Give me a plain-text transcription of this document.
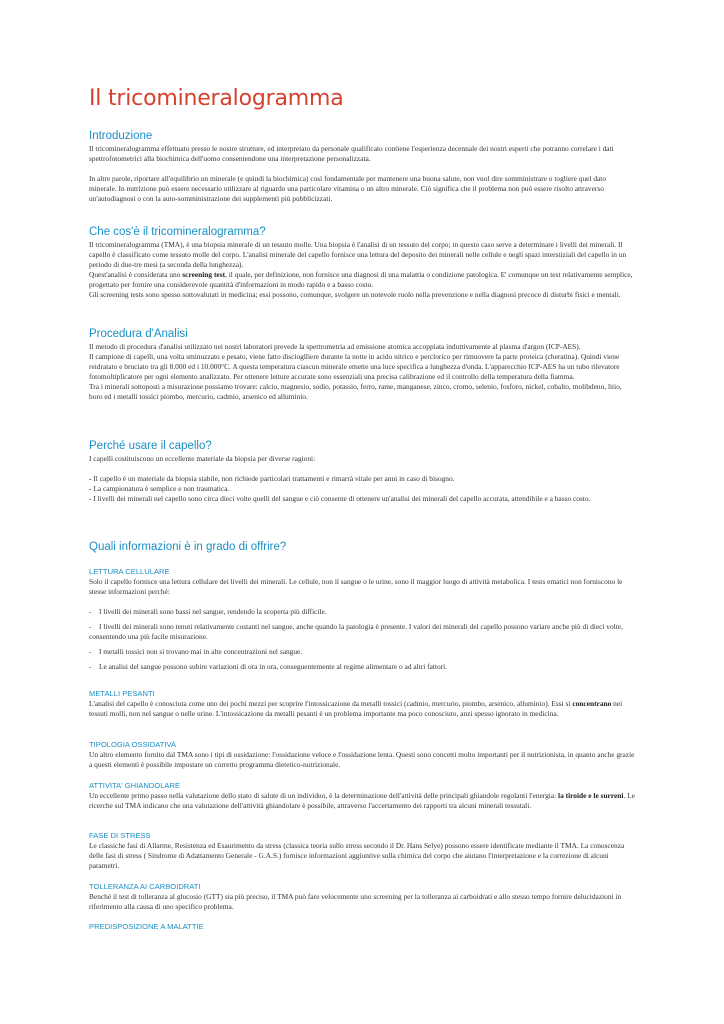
Il tricomineralogramma
Introduzione

Il tricomineralogramma effettuato presso le nostre strutture, ed interpretato da personale qualificato contiene l'esperienza decennale dei nostri esperti che potranno correlare i dati spettrofotometrici alla biochimica dell'uomo consentendone una interpretazione personalizzata.

In altre parole, riportare all'equilibrio un minerale (e quindi la biochimica) così fondamentale per mantenere una buona salute, non vuol dire somministrare o togliere quel dato minerale. In nutrizione può essere necessario utilizzare al riguardo una particolare vitamina o un altro minerale. Ciò significa che il problema non può essere risolto attraverso un'autodiagnosi o con la auto-somministrazione dei supplementi più pubblicizzati.

Che cos'è il tricomineralogramma?

Il tricomineralogramma (TMA), è una biopsia minerale di un tessuto molle. Una biopsia è l'analisi di un tessuto del corpo; in questo caso serve a determinare i livelli dei minerali. Il capello è classificato come tessuto molle del corpo. L'analisi minerale del capello fornisce una lettura del deposito dei minerali nelle cellule e negli spazi interstiziali del capello in un periodo di due-tre mesi (a seconda della lunghezza).

Quest'analisi è considerata uno screening test, il quale, per definizione, non fornisce una diagnosi di una malattia o condizione patologica. E' comunque un test relativamente semplice, progettato per fornire una considerevole quantità d'informazioni in modo rapido e a basso costo.

Gli screening tests sono spesso sottovalutati in medicina; essi possono, comunque, svolgere un notevole ruolo nella prevenzione e nella diagnosi precoce di disturbi fisici e mentali.

Procedura d'Analisi

Il metodo di procedura d'analisi utilizzato nei nostri laboratori prevede la spettrometria ad emissione atomica accoppiata induttivamente al plasma d'argon (ICP-AES).

Il campione di capelli, una volta sminuzzato e pesato, viene fatto discioglliere durante la notte in acido nitrico e perclorico per rimuovere la parte proteica (cheratina). Quindi viene reidratato e bruciato tra gli 8.000 ed i 10.000°C. A questa temperatura ciascun minerale emette una luce specifica a lunghezza d'onda. L'apparecchio ICP-AES ha un tubo rilevatore fotomoltiplicatore per ogni elemento analizzato. Per ottenere letture accurate sono essenziali una precisa calibrazione ed il controllo della temperatura della fiamma.

Tra i minerali sottoposti a misurazione possiamo trovare: calcio, magnesio, sodio, potassio, ferro, rame, manganese, zinco, cromo, selenio, fosforo, nickel, cobalto, molibdeno, litio, boro ed i metalli tossici piombo, mercurio, cadmio, arsenico ed alluminio.

Perché usare il capello?

I capelli costituiscono un eccellente materiale da biopsia per diverse ragioni:

- Il capello è un materiale da biopsia stabile, non richiede particolari trattamenti e rimarrà vitale per anni in caso di bisogno.

- La campionatura è semplice e non traumatica.

- I livelli dei minerali nel capello sono circa dieci volte quelli del sangue e ciò consente di ottenere un'analisi dei minerali del capello accurata, attendibile e a basso costo.

Quali informazioni è in grado di offrire?
LETTURA CELLULARE

Solo il capello fornisce una lettura cellulare dei livelli dei minerali. Le cellule, non il sangue o le urine, sono il maggior luogo di attività metabolica. I tests ematici non forniscono le stesse informazioni perché:

- I livelli dei minerali sono bassi nel sangue, rendendo la scoperta più difficile.

- I livelli dei minerali sono tenuti relativamente costanti nel sangue, anche quando la patologia è presente. I valori dei minerali del capello possono variare anche più di dieci volte, consentendo una più facile misurazione.

- I metalli tossici non si trovano mai in alte concentrazioni nel sangue.

- Le analisi del sangue possono subire variazioni di ora in ora, conseguentemente al regime alimentare o ad altri fattori.

METALLI PESANTI

L'analisi del capello è conosciuta come uno dei pochi mezzi per scoprire l'intossicazione da metalli tossici (cadmio, mercurio, piombo, arsenico, alluminio). Essi si concentrano nei tessuti molli, non nel sangue o nelle urine. L'intossicazione da metalli pesanti è un problema importante ma poco conosciuto, anzi spesso ignorato in medicina.

TIPOLOGIA OSSIDATIVA

Un altro elemento fornito dal TMA sono i tipi di ossidazione: l'ossidazione veloce e l'ossidazione lenta. Questi sono concetti molto importanti per il nutrizionista, in quanto anche grazie a questi elementi è possibile impostare un corretto programma dietetico-nutrizionale.

ATTIVITA' GHIANDOLARE

Un eccellente primo passo nella valutazione dello stato di salute di un individuo, è la determinazione dell'attività delle principali ghiandole regolanti l'energia: la tiroide e le surreni. Le ricerche sul TMA indicano che una valutazione dell'attività ghiandolare è possibile, attraverso l'accertamento dei rapporti tra alcuni minerali tessutali.

FASE DI STRESS

Le classiche fasi di Allarme, Resistenza ed Esaurimento da stress (classica teoria sullo stress secondo il Dr. Hans Selye) possono essere identificate mediante il TMA. La conoscenza delle fasi di stress ( Sindrome di Adattamento Generale - G.A.S.) fornisce informazioni aggiuntive sulla chimica del corpo che aiutano l'interpretazione e la correzione di alcuni parametri.

TOLLERANZA AI CARBOIDRATI

Benché il test di tolleranza al glucosio (GTT) sia più preciso, il TMA può fare velocemente uno screening per la tolleranza ai carboidrati e allo stesso tempo fornire delucidazioni in riferimento alla causa di uno specifico problema.

PREDISPOSIZIONE A MALATTIE
